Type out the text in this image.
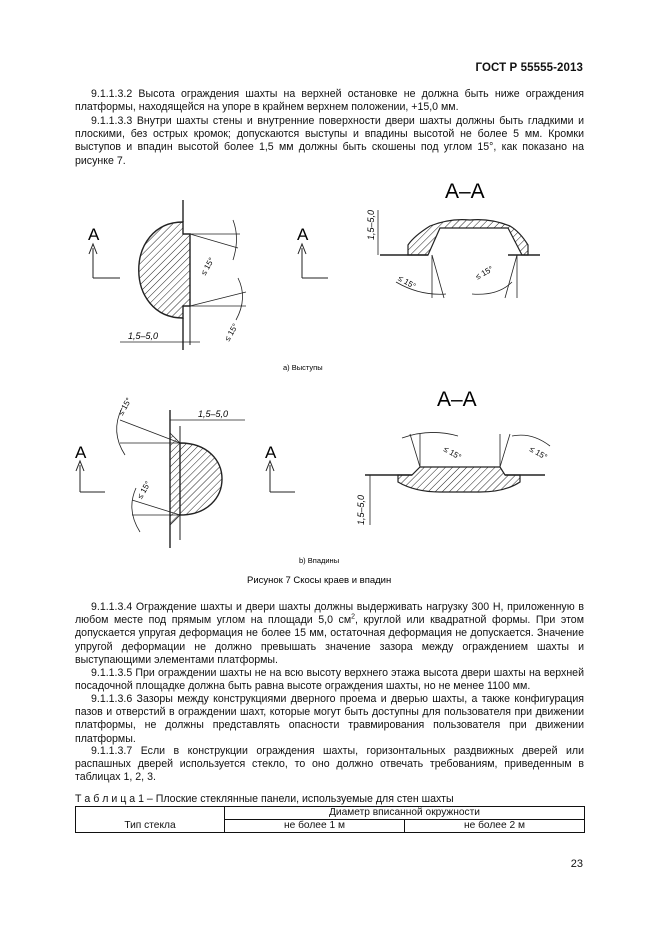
ГОСТ Р 55555-2013

9.1.1.3.2 Высота ограждения шахты на верхней остановке не должна быть ниже ограждения платформы, находящейся на упоре в крайнем верхнем положении, +15,0 мм.

9.1.1.3.3 Внутри шахты стены и внутренние поверхности двери шахты должны быть гладкими и плоскими, без острых кромок; допускаются выступы и впадины высотой не более 5 мм. Кромки выступов и впадин высотой более 1,5 мм должны быть скошены под углом 15°, как показано на рисунке 7.

А
≤ 15°
≤ 15°
1,5–5,0
А
А–А
≤ 15°
≤ 15°
1,5–5,0
а) Выступы
А
≤ 15°
≤ 15°
1,5–5,0
А
А–А
≤ 15°	≤ 15°
1,5–5,0
b) Впадины
Рисунок 7 Скосы краев и впадин

9.1.1.3.4 Ограждение шахты и двери шахты должны выдерживать нагрузку 300 Н, приложенную в любом месте под прямым углом на площади 5,0 $см^2$, круглой или квадратной формы. При этом допускается упругая деформация не более 15 мм, остаточная деформация не допускается. Значение упругой деформации не должно превышать значение зазора между ограждением шахты и выступающими элементами платформы.

9.1.1.3.5 При ограждении шахты не на всю высоту верхнего этажа высота двери шахты на верхней посадочной площадке должна быть равна высоте ограждения шахты, но не менее 1100 мм.

9.1.1.3.6 Зазоры между конструкциями дверного проема и дверью шахты, а также конфигурация пазов и отверстий в ограждении шахт, которые могут быть доступны для пользователя при движении платформы, не должны представлять опасности травмирования пользователя при движении платформы.

9.1.1.3.7 Если в конструкции ограждения шахты, горизонтальных раздвижных дверей или распашных дверей используется стекло, то оно должно отвечать требованиям, приведенным в таблицах 1, 2, 3.

Т а б л и ц а 1 – Плоские стеклянные панели, используемые для стен шахты
Тип стекла	Диаметр вписанной окружности	
	не более 1 м	не более 2 м
23
